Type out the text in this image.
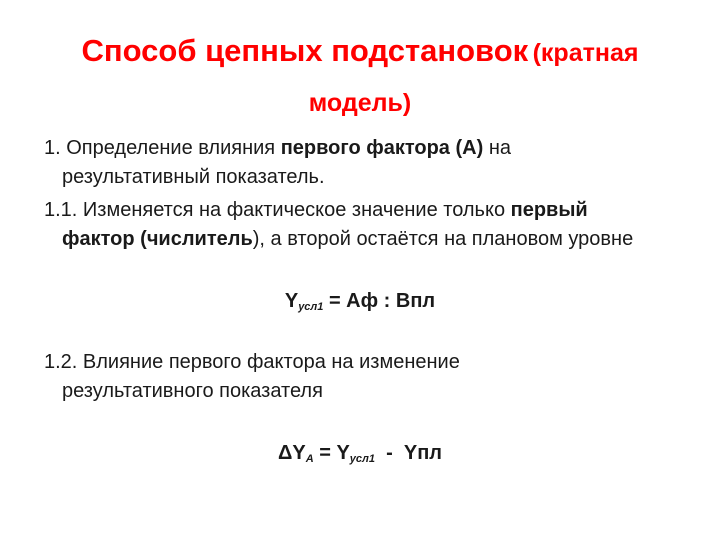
Способ цепных подстановок (кратная модель)
1. Определение влияния первого фактора (А) на
результативный показатель.
1.1. Изменяется на фактическое значение только первый
фактор (числитель), а второй остаётся на плановом уровне
$Y_{усл1}$ = Аф : Впл
1.2. Влияние первого фактора на изменение
результативного показателя
$\Delta Y_А = Y_{усл1}$  -  Yпл
